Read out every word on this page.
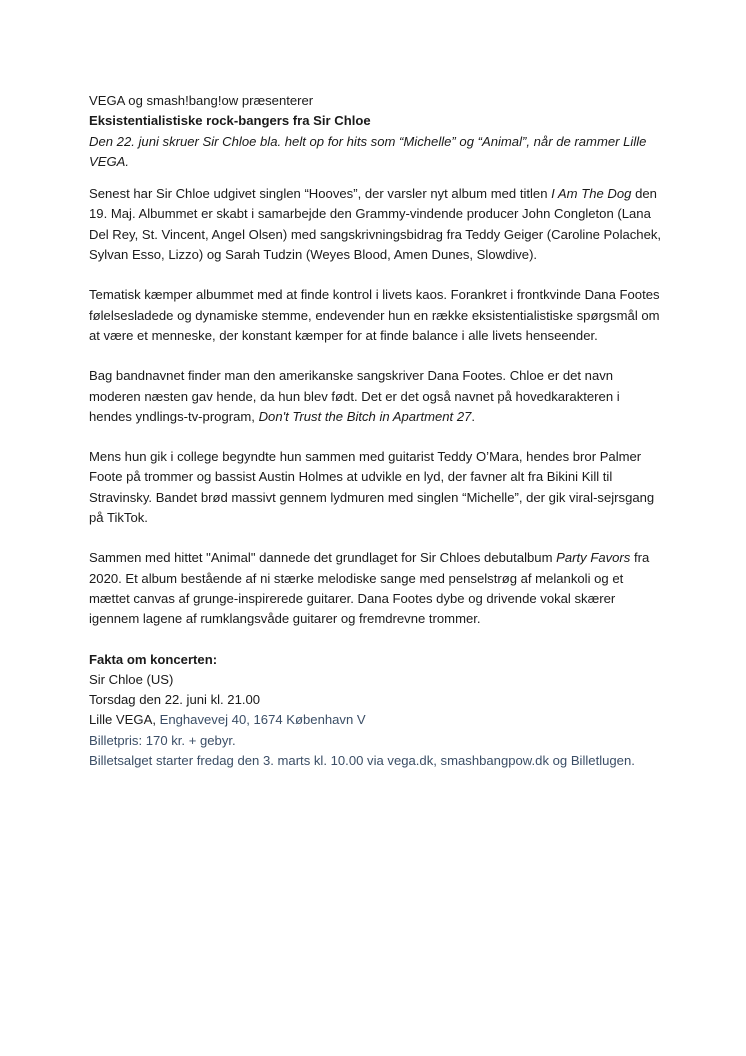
VEGA og smash!bang!ow præsenterer

Eksistentialistiske rock-bangers fra Sir Chloe

Den 22. juni skruer Sir Chloe bla. helt op for hits som “Michelle” og “Animal”, når de rammer Lille VEGA.

Senest har Sir Chloe udgivet singlen “Hooves”, der varsler nyt album med titlen I Am The Dog den 19. Maj. Albummet er skabt i samarbejde den Grammy-vindende producer John Congleton (Lana Del Rey, St. Vincent, Angel Olsen) med sangskrivningsbidrag fra Teddy Geiger (Caroline Polachek, Sylvan Esso, Lizzo) og Sarah Tudzin (Weyes Blood, Amen Dunes, Slowdive).

Tematisk kæmper albummet med at finde kontrol i livets kaos. Forankret i frontkvinde Dana Footes følelsesladede og dynamiske stemme, endevender hun en række eksistentialistiske spørgsmål om at være et menneske, der konstant kæmper for at finde balance i alle livets henseender.

Bag bandnavnet finder man den amerikanske sangskriver Dana Footes. Chloe er det navn moderen næsten gav hende, da hun blev født. Det er det også navnet på hovedkarakteren i hendes yndlings-tv-program, Don't Trust the Bitch in Apartment 27.

Mens hun gik i college begyndte hun sammen med guitarist Teddy O’Mara, hendes bror Palmer Foote på trommer og bassist Austin Holmes at udvikle en lyd, der favner alt fra Bikini Kill til Stravinsky. Bandet brød massivt gennem lydmuren med singlen “Michelle”, der gik viral-sejrsgang på TikTok.

Sammen med hittet "Animal" dannede det grundlaget for Sir Chloes debutalbum Party Favors fra 2020. Et album bestående af ni stærke melodiske sange med penselstrøg af melankoli og et mættet canvas af grunge-inspirerede guitarer. Dana Footes dybe og drivende vokal skærer igennem lagene af rumklangsvåde guitarer og fremdrevne trommer.

Fakta om koncerten:

Sir Chloe (US)

Torsdag den 22. juni kl. 21.00

Lille VEGA, Enghavevej 40, 1674 København V

Billetpris: 170 kr. + gebyr.

Billetsalget starter fredag den 3. marts kl. 10.00 via vega.dk, smashbangpow.dk og Billetlugen.
